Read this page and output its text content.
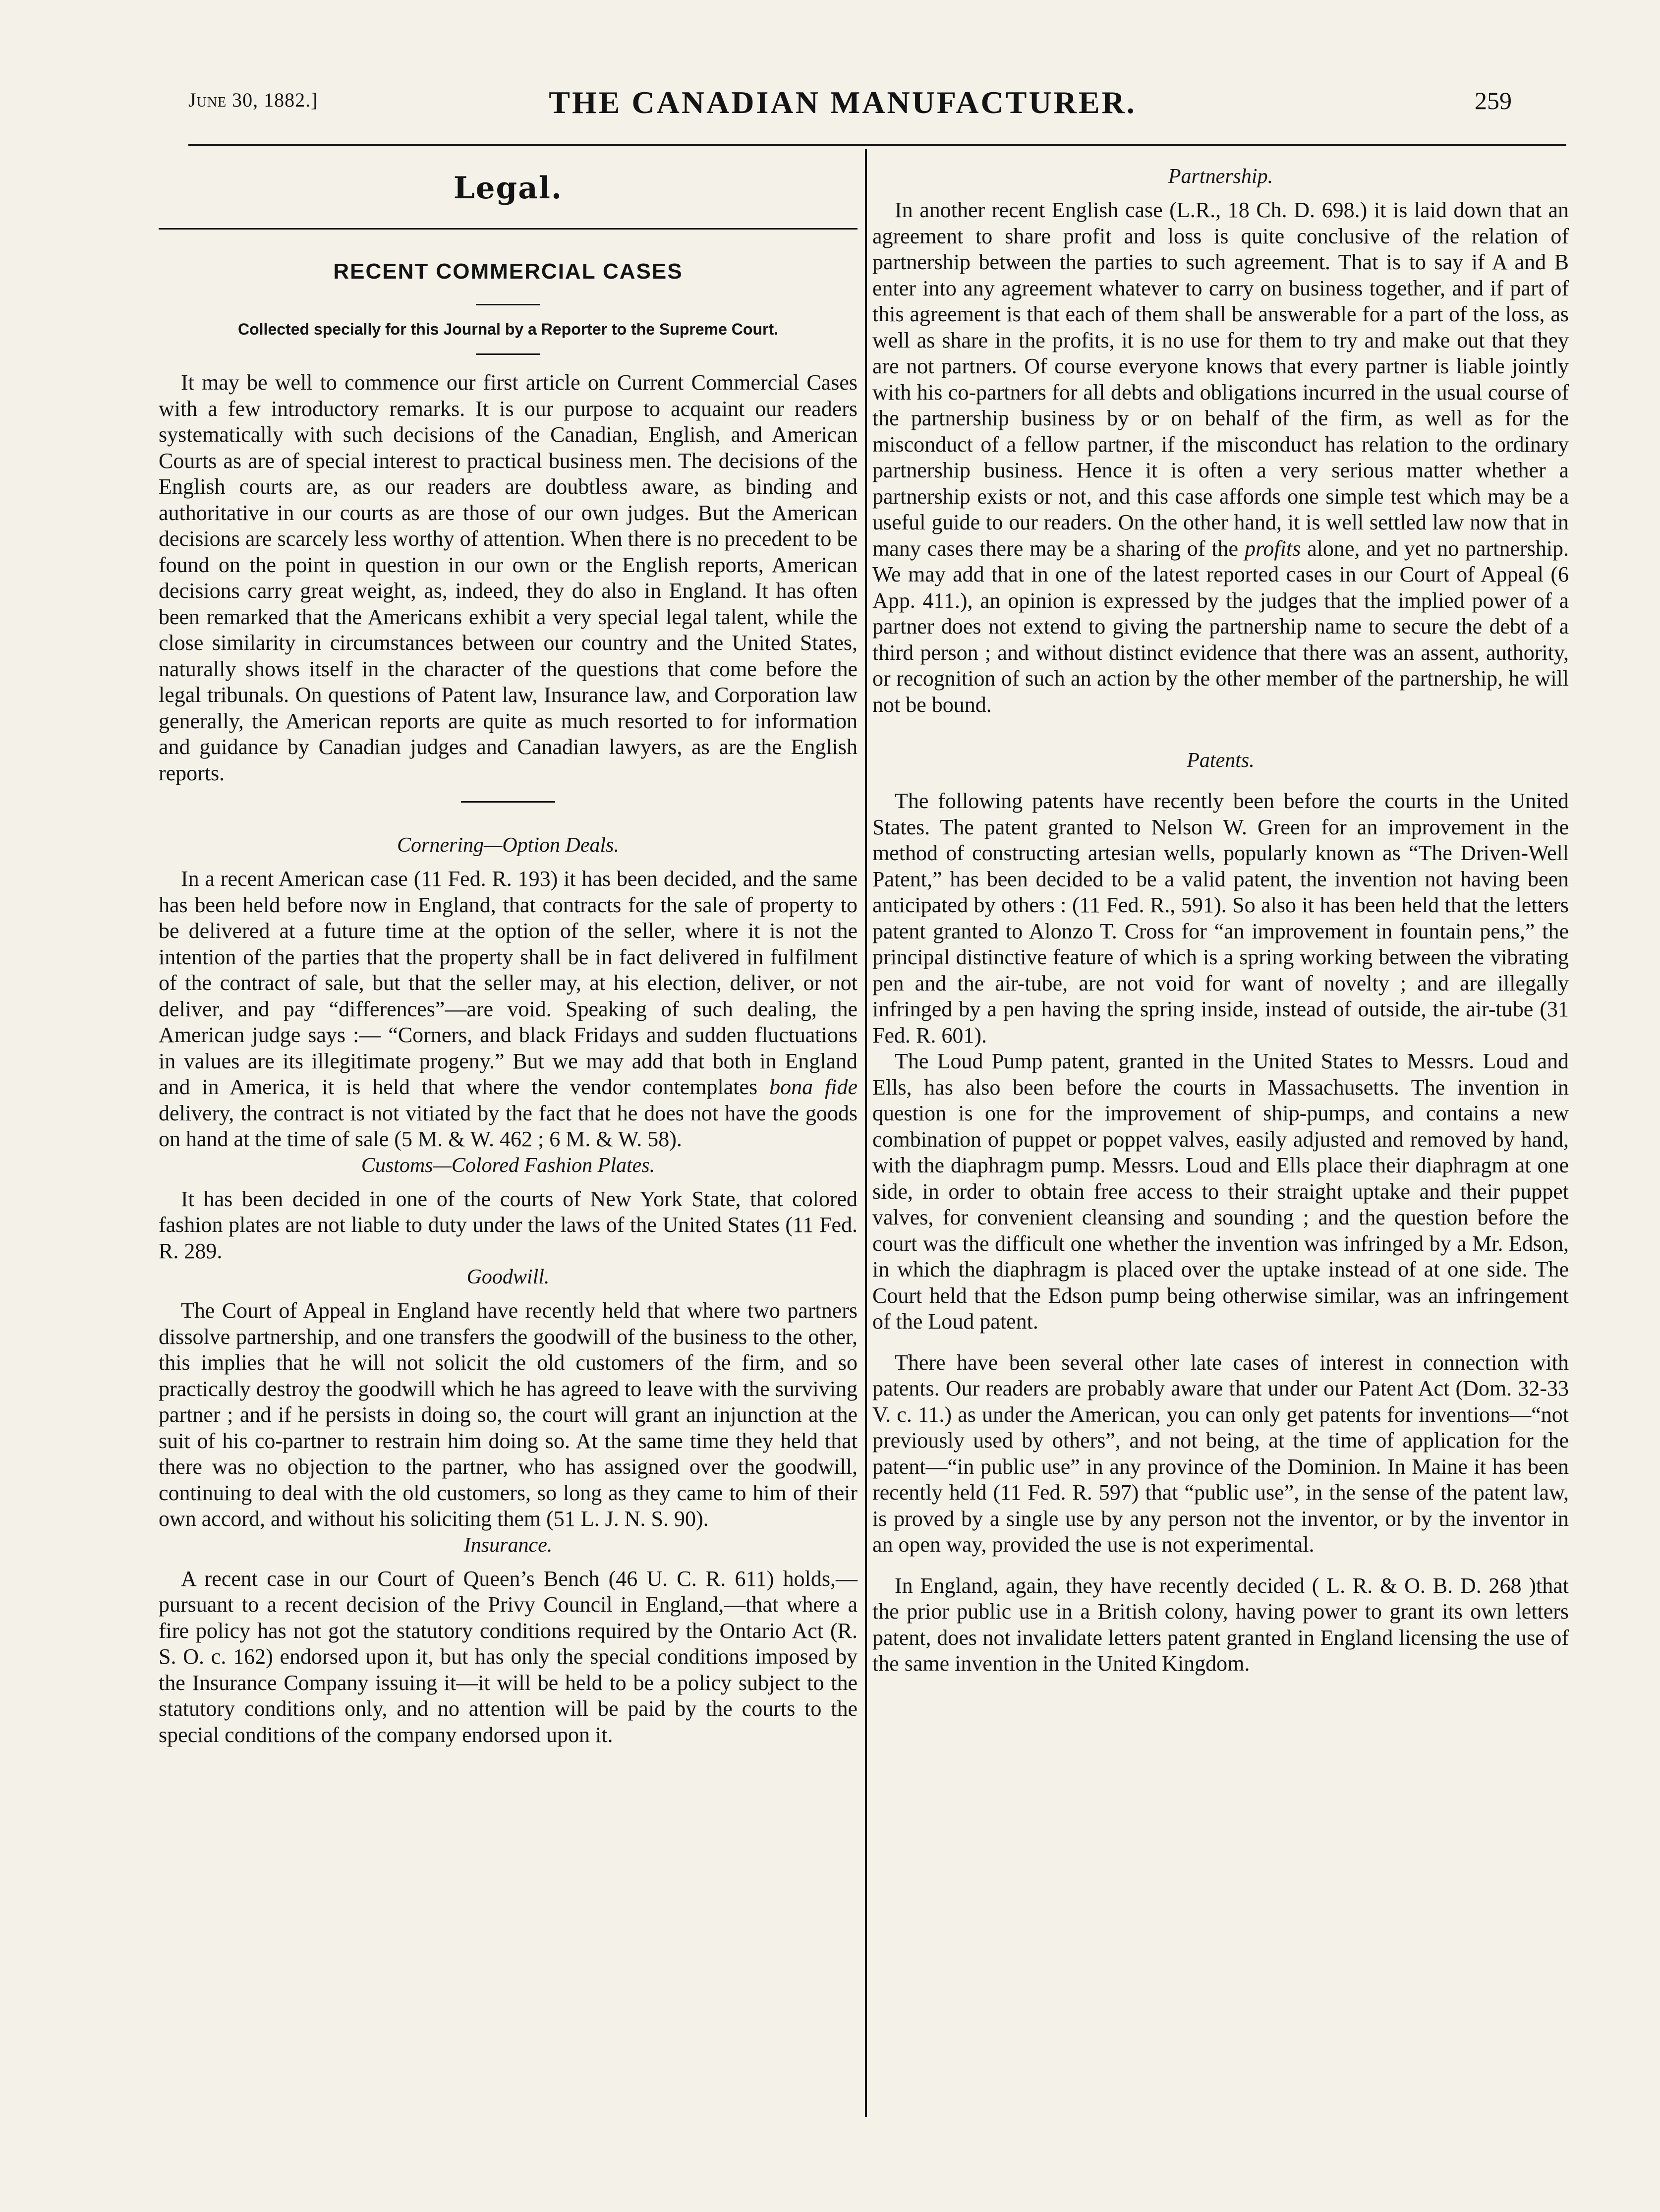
June 30, 1882.]	THE CANADIAN MANUFACTURER.	259
Legal.
RECENT COMMERCIAL CASES
Collected specially for this Journal by a Reporter to the Supreme Court.

It may be well to commence our first article on Current Commercial Cases with a few introductory remarks. It is our purpose to acquaint our readers systematically with such decisions of the Canadian, English, and American Courts as are of special interest to practical business men. The decisions of the English courts are, as our readers are doubtless aware, as binding and authoritative in our courts as are those of our own judges. But the American decisions are scarcely less worthy of attention. When there is no precedent to be found on the point in question in our own or the English reports, American decisions carry great weight, as, indeed, they do also in England. It has often been remarked that the Americans exhibit a very special legal talent, while the close similarity in circumstances between our country and the United States, naturally shows itself in the character of the questions that come before the legal tribunals. On questions of Patent law, Insurance law, and Corporation law generally, the American reports are quite as much resorted to for information and guidance by Canadian judges and Canadian lawyers, as are the English reports.

Cornering—Option Deals.

In a recent American case (11 Fed. R. 193) it has been decided, and the same has been held before now in England, that contracts for the sale of property to be delivered at a future time at the option of the seller, where it is not the intention of the parties that the property shall be in fact delivered in fulfilment of the contract of sale, but that the seller may, at his election, deliver, or not deliver, and pay “differences”—are void. Speaking of such dealing, the American judge says :— “Corners, and black Fridays and sudden fluctuations in values are its illegitimate progeny.” But we may add that both in England and in America, it is held that where the vendor contemplates bona fide delivery, the contract is not vitiated by the fact that he does not have the goods on hand at the time of sale (5 M. & W. 462 ; 6 M. & W. 58).

Customs—Colored Fashion Plates.

It has been decided in one of the courts of New York State, that colored fashion plates are not liable to duty under the laws of the United States (11 Fed. R. 289.

Goodwill.

The Court of Appeal in England have recently held that where two partners dissolve partnership, and one transfers the goodwill of the business to the other, this implies that he will not solicit the old customers of the firm, and so practically destroy the goodwill which he has agreed to leave with the surviving partner ; and if he persists in doing so, the court will grant an injunction at the suit of his co-partner to restrain him doing so. At the same time they held that there was no objection to the partner, who has assigned over the goodwill, continuing to deal with the old customers, so long as they came to him of their own accord, and without his soliciting them (51 L. J. N. S. 90).

Insurance.

A recent case in our Court of Queen’s Bench (46 U. C. R. 611) holds,—pursuant to a recent decision of the Privy Council in England,—that where a fire policy has not got the statutory conditions required by the Ontario Act (R. S. O. c. 162) endorsed upon it, but has only the special conditions imposed by the Insurance Company issuing it—it will be held to be a policy subject to the statutory conditions only, and no attention will be paid by the courts to the special conditions of the company endorsed upon it.

Partnership.

In another recent English case (L.R., 18 Ch. D. 698.) it is laid down that an agreement to share profit and loss is quite conclusive of the relation of partnership between the parties to such agreement. That is to say if A and B enter into any agreement whatever to carry on business together, and if part of this agreement is that each of them shall be answerable for a part of the loss, as well as share in the profits, it is no use for them to try and make out that they are not partners. Of course everyone knows that every partner is liable jointly with his co-partners for all debts and obligations incurred in the usual course of the partnership business by or on behalf of the firm, as well as for the misconduct of a fellow partner, if the misconduct has relation to the ordinary partnership business. Hence it is often a very serious matter whether a partnership exists or not, and this case affords one simple test which may be a useful guide to our readers. On the other hand, it is well settled law now that in many cases there may be a sharing of the profits alone, and yet no partnership. We may add that in one of the latest reported cases in our Court of Appeal (6 App. 411.), an opinion is expressed by the judges that the implied power of a partner does not extend to giving the partnership name to secure the debt of a third person ; and without distinct evidence that there was an assent, authority, or recognition of such an action by the other member of the partnership, he will not be bound.

Patents.

The following patents have recently been before the courts in the United States. The patent granted to Nelson W. Green for an improvement in the method of constructing artesian wells, popularly known as “The Driven-Well Patent,” has been decided to be a valid patent, the invention not having been anticipated by others : (11 Fed. R., 591). So also it has been held that the letters patent granted to Alonzo T. Cross for “an improvement in fountain pens,” the principal distinctive feature of which is a spring working between the vibrating pen and the air-tube, are not void for want of novelty ; and are illegally infringed by a pen having the spring inside, instead of outside, the air-tube (31 Fed. R. 601).

The Loud Pump patent, granted in the United States to Messrs. Loud and Ells, has also been before the courts in Massachusetts. The invention in question is one for the improvement of ship-pumps, and contains a new combination of puppet or poppet valves, easily adjusted and removed by hand, with the diaphragm pump. Messrs. Loud and Ells place their diaphragm at one side, in order to obtain free access to their straight uptake and their puppet valves, for convenient cleansing and sounding ; and the question before the court was the difficult one whether the invention was infringed by a Mr. Edson, in which the diaphragm is placed over the uptake instead of at one side. The Court held that the Edson pump being otherwise similar, was an infringement of the Loud patent.

There have been several other late cases of interest in connection with patents. Our readers are probably aware that under our Patent Act (Dom. 32-33 V. c. 11.) as under the American, you can only get patents for inventions—“not previously used by others”, and not being, at the time of application for the patent—“in public use” in any province of the Dominion. In Maine it has been recently held (11 Fed. R. 597) that “public use”, in the sense of the patent law, is proved by a single use by any person not the inventor, or by the inventor in an open way, provided the use is not experimental.

In England, again, they have recently decided ( L. R. & O. B. D. 268 )that the prior public use in a British colony, having power to grant its own letters patent, does not invalidate letters patent granted in England licensing the use of the same invention in the United Kingdom.
